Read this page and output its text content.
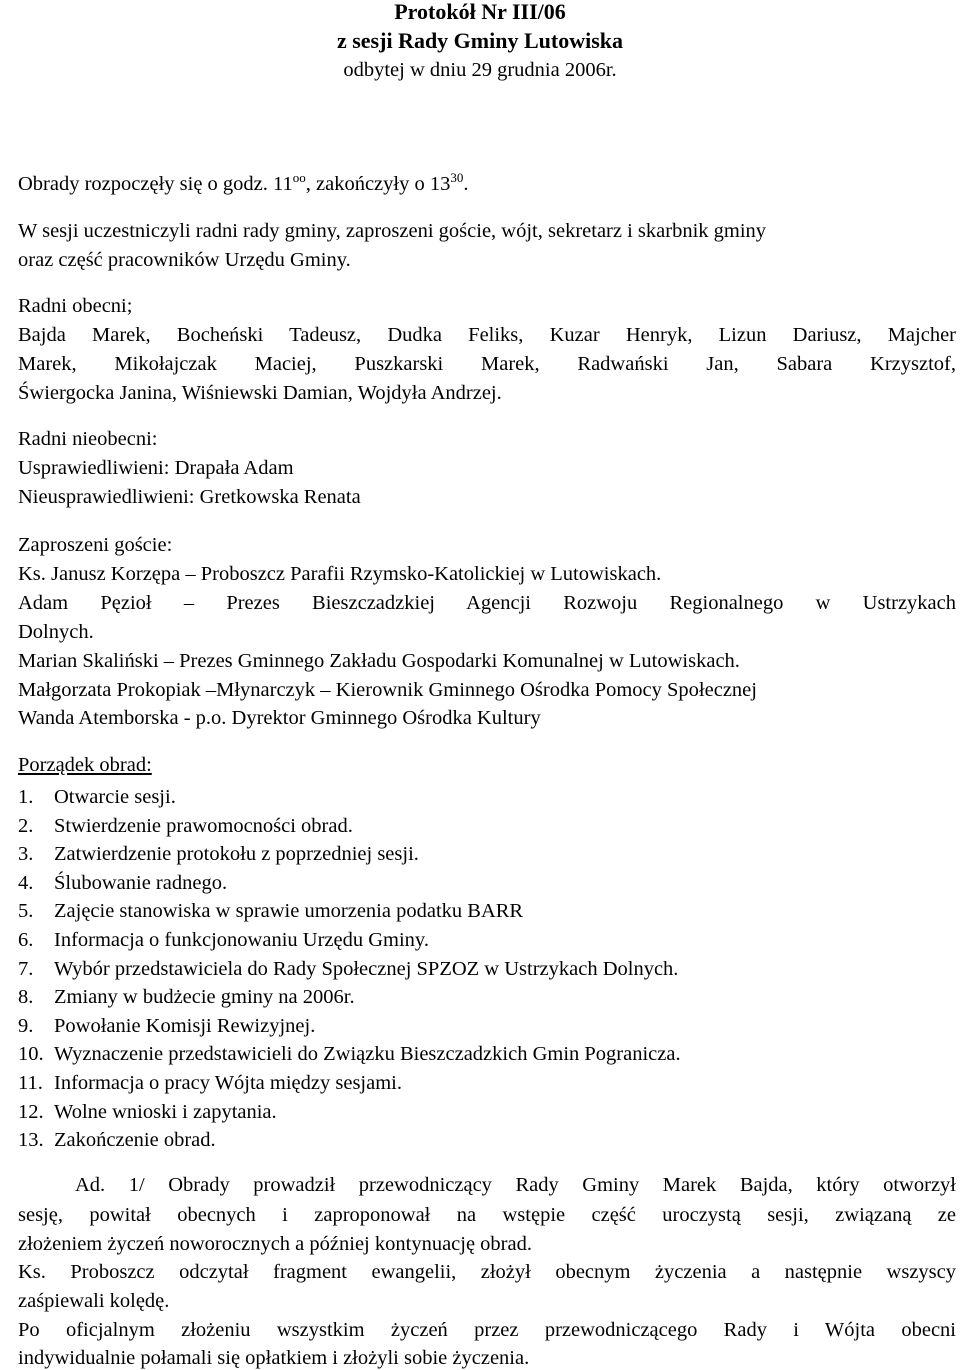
Protokół Nr III/06
z sesji Rady Gminy Lutowiska
odbytej w dniu 29 grudnia 2006r.
Obrady rozpoczęły się o godz. $11^{oo}$, zakończyły o $13^{30}$.
W sesji uczestniczyli radni rady gminy, zaproszeni goście, wójt, sekretarz i skarbnik gminy
oraz część pracowników Urzędu Gminy.
Radni obecni;
Bajda Marek, Bocheński Tadeusz, Dudka Feliks, Kuzar Henryk, Lizun Dariusz, Majcher
Marek, Mikołajczak Maciej, Puszkarski Marek, Radwański Jan, Sabara Krzysztof,
Świergocka Janina, Wiśniewski Damian, Wojdyła Andrzej.
Radni nieobecni:
Usprawiedliwieni: Drapała Adam
Nieusprawiedliwieni: Gretkowska Renata
Zaproszeni goście:
Ks. Janusz Korzępa – Proboszcz Parafii Rzymsko-Katolickiej w Lutowiskach.
Adam Pęzioł – Prezes Bieszczadzkiej Agencji Rozwoju Regionalnego w Ustrzykach
Dolnych.
Marian Skaliński – Prezes Gminnego Zakładu Gospodarki Komunalnej w Lutowiskach.
Małgorzata Prokopiak –Młynarczyk – Kierownik Gminnego Ośrodka Pomocy Społecznej
Wanda Atemborska - p.o. Dyrektor Gminnego Ośrodka Kultury
Porządek obrad:
1. Otwarcie sesji.
2. Stwierdzenie prawomocności obrad.
3. Zatwierdzenie protokołu z poprzedniej sesji.
4. Ślubowanie radnego.
5. Zajęcie stanowiska w sprawie umorzenia podatku BARR
6. Informacja o funkcjonowaniu Urzędu Gminy.
7. Wybór przedstawiciela do Rady Społecznej SPZOZ w Ustrzykach Dolnych.
8. Zmiany w budżecie gminy na 2006r.
9. Powołanie Komisji Rewizyjnej.
10. Wyznaczenie przedstawicieli do Związku Bieszczadzkich Gmin Pogranicza.
11. Informacja o pracy Wójta między sesjami.
12. Wolne wnioski i zapytania.
13. Zakończenie obrad.
Ad. 1/ Obrady prowadził przewodniczący Rady Gminy Marek Bajda, który otworzył
sesję, powitał obecnych i zaproponował na wstępie część uroczystą sesji, związaną ze
złożeniem życzeń noworocznych a później kontynuację obrad.
Ks. Proboszcz odczytał fragment ewangelii, złożył obecnym życzenia a następnie wszyscy
zaśpiewali kolędę.
Po oficjalnym złożeniu wszystkim życzeń przez przewodniczącego Rady i Wójta obecni
indywidualnie połamali się opłatkiem i złożyli sobie życzenia.
